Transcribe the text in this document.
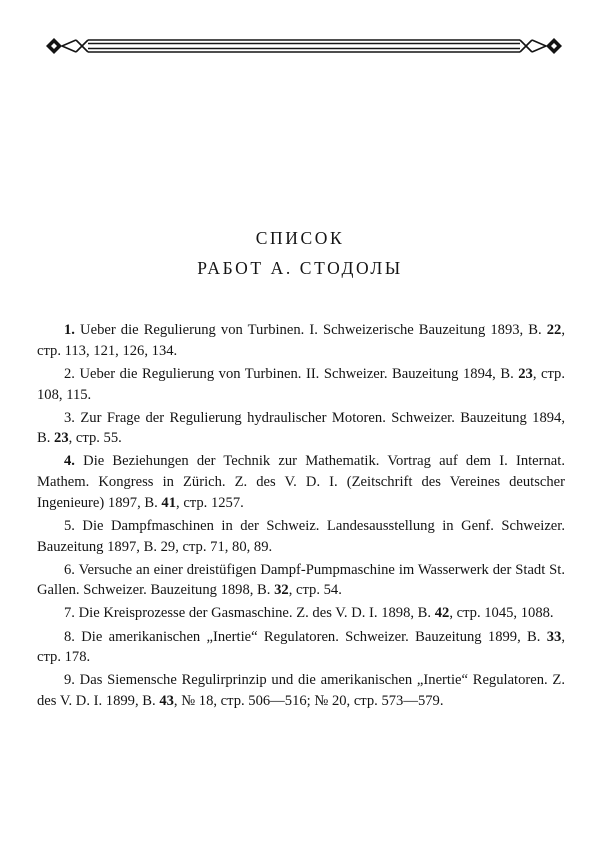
СПИСОК
РАБОТ А. СТОДОЛЫ

1. Ueber die Regulierung von Turbinen. I. Schweizerische Bauzeitung 1893, B. 22, стр. 113, 121, 126, 134.

2. Ueber die Regulierung von Turbinen. II. Schweizer. Bauzeitung 1894, B. 23, стр. 108, 115.

3. Zur Frage der Regulierung hydraulischer Motoren. Schweizer. Bauzeitung 1894, B. 23, стр. 55.

4. Die Beziehungen der Technik zur Mathematik. Vortrag auf dem I. Internat. Mathem. Kongress in Zürich. Z. des V. D. I. (Zeitschrift des Vereines deutscher Ingenieure) 1897, B. 41, стр. 1257.

5. Die Dampfmaschinen in der Schweiz. Landesausstellung in Genf. Schweizer. Bauzeitung 1897, B. 29, стр. 71, 80, 89.

6. Versuche an einer dreistüfigen Dampf-Pumpmaschine im Wasserwerk der Stadt St. Gallen. Schweizer. Bauzeitung 1898, B. 32, стр. 54.

7. Die Kreisprozesse der Gasmaschine. Z. des V. D. I. 1898, B. 42, стр. 1045, 1088.

8. Die amerikanischen „Inertie“ Regulatoren. Schweizer. Bauzeitung 1899, B. 33, стр. 178.

9. Das Siemensche Regulirprinzip und die amerikanischen „Inertie“ Regulatoren. Z. des V. D. I. 1899, B. 43, № 18, стр. 506—516; № 20, стр. 573—579.
